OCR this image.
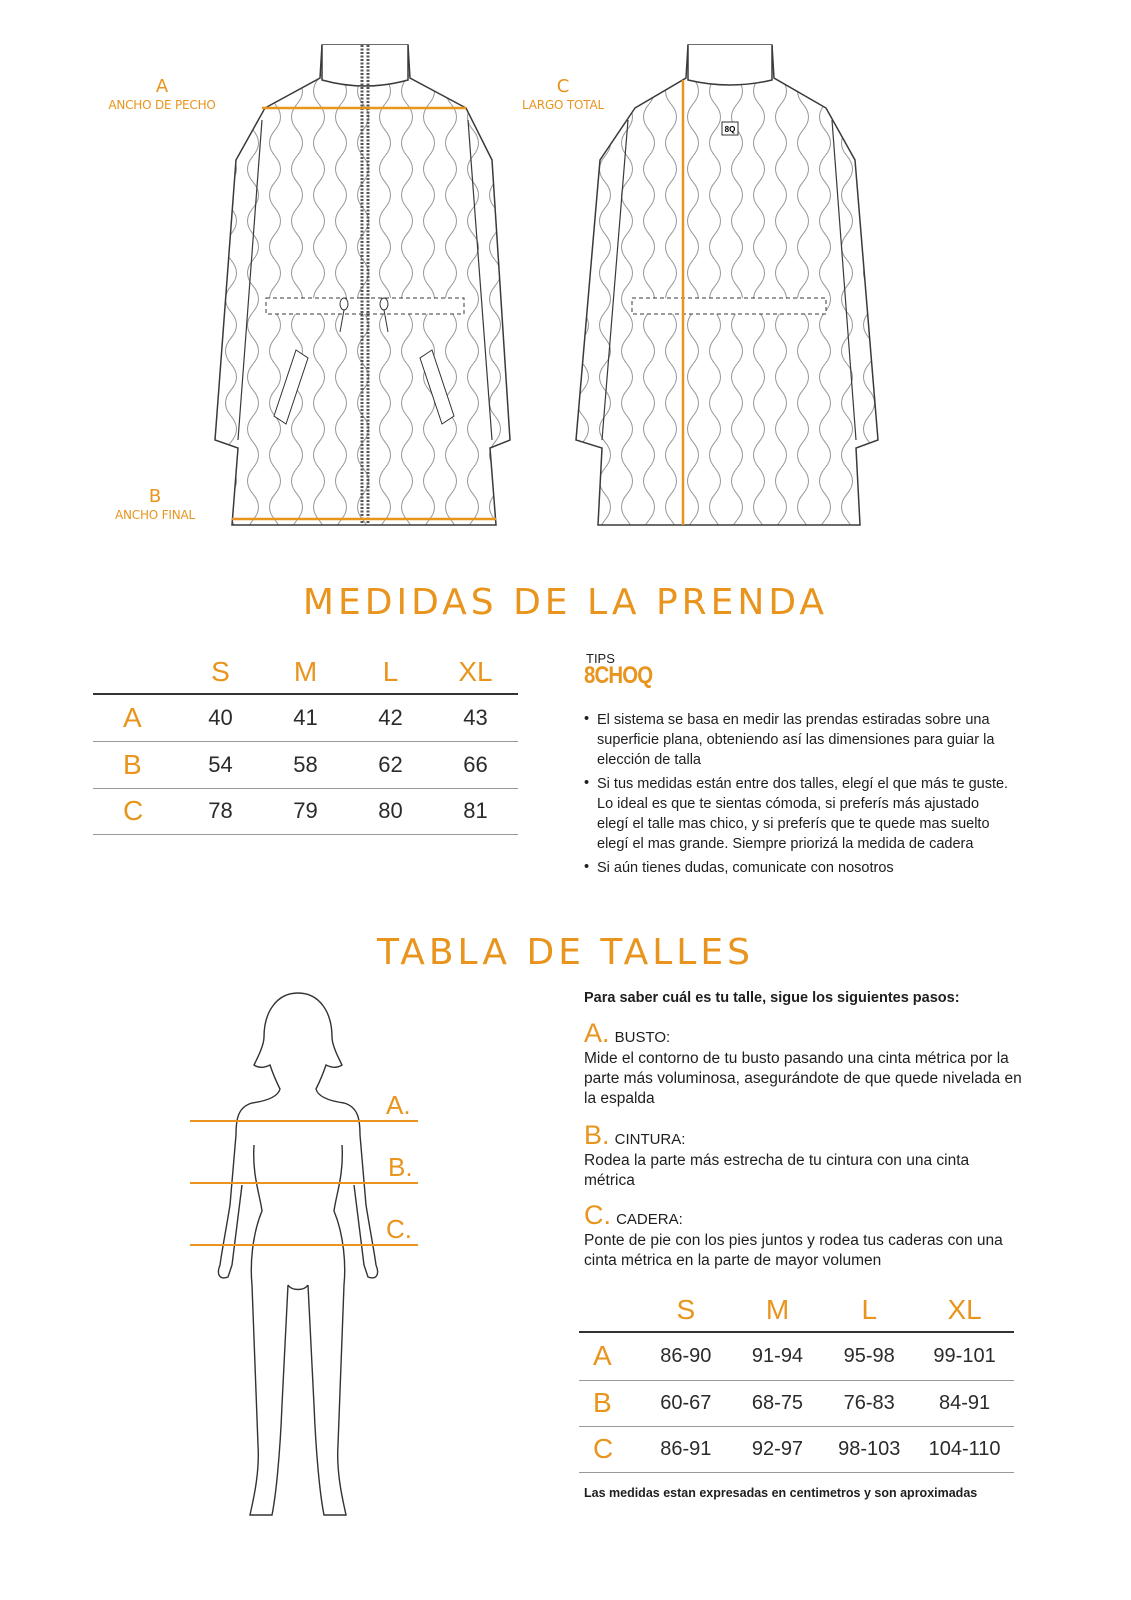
8Q
A
ANCHO DE PECHO
B
ANCHO FINAL
C
LARGO TOTAL
MEDIDAS DE LA PRENDA
	S	M	L	XL
A	40	41	42	43
B	54	58	62	66
C	78	79	80	81
TIPS
8CHOQ
• El sistema se basa en medir las prendas estiradas sobre una superficie plana, obteniendo así las dimensiones para guiar la elección de talla
• Si tus medidas están entre dos talles, elegí el que más te guste. Lo ideal es que te sientas cómoda, si preferís más ajustado elegí el talle mas chico, y si preferís que te quede mas suelto elegí el mas grande. Siempre priorizá la medida de cadera
• Si aún tienes dudas, comunicate con nosotros
TABLA DE TALLES
A.
B.
C.
Para saber cuál es tu talle, sigue los siguientes pasos:
A. BUSTO:
Mide el contorno de tu busto pasando una cinta métrica por la parte más voluminosa, asegurándote de que quede nivelada en la espalda
B. CINTURA:
Rodea la parte más estrecha de tu cintura con una cinta métrica
C. CADERA:
Ponte de pie con los pies juntos y rodea tus caderas con una cinta métrica en la parte de mayor volumen
	S	M	L	XL
A	86-90	91-94	95-98	99-101
B	60-67	68-75	76-83	84-91
C	86-91	92-97	98-103	104-110
Las medidas estan expresadas en centimetros y son aproximadas
